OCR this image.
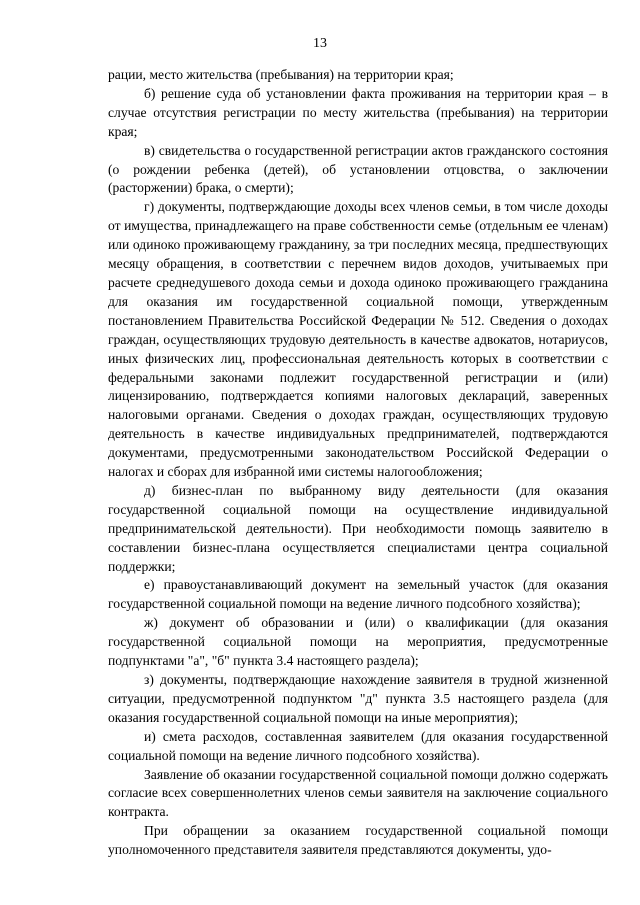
13

рации, место жительства (пребывания) на территории края;

б) решение суда об установлении факта проживания на территории края – в случае отсутствия регистрации по месту жительства (пребывания) на территории края;

в) свидетельства о государственной регистрации актов гражданского состояния (о рождении ребенка (детей), об установлении отцовства, о заключении (расторжении) брака, о смерти);

г) документы, подтверждающие доходы всех членов семьи, в том числе доходы от имущества, принадлежащего на праве собственности семье (отдельным ее членам) или одиноко проживающему гражданину, за три последних месяца, предшествующих месяцу обращения, в соответствии с перечнем видов доходов, учитываемых при расчете среднедушевого дохода семьи и дохода одиноко проживающего гражданина для оказания им государственной социальной помощи, утвержденным постановлением Правительства Российской Федерации № 512. Сведения о доходах граждан, осуществляющих трудовую деятельность в качестве адвокатов, нотариусов, иных физических лиц, профессиональная деятельность которых в соответствии с федеральными законами подлежит государственной регистрации и (или) лицензированию, подтверждается копиями налоговых деклараций, заверенных налоговыми органами. Сведения о доходах граждан, осуществляющих трудовую деятельность в качестве индивидуальных предпринимателей, подтверждаются документами, предусмотренными законодательством Российской Федерации о налогах и сборах для избранной ими системы налогообложения;

д) бизнес-план по выбранному виду деятельности (для оказания государственной социальной помощи на осуществление индивидуальной предпринимательской деятельности). При необходимости помощь заявителю в составлении бизнес-плана осуществляется специалистами центра социальной поддержки;

е) правоустанавливающий документ на земельный участок (для оказания государственной социальной помощи на ведение личного подсобного хозяйства);

ж) документ об образовании и (или) о квалификации (для оказания государственной социальной помощи на мероприятия, предусмотренные подпунктами "а", "б" пункта 3.4 настоящего раздела);

з) документы, подтверждающие нахождение заявителя в трудной жизненной ситуации, предусмотренной подпунктом "д" пункта 3.5 настоящего раздела (для оказания государственной социальной помощи на иные мероприятия);

и) смета расходов, составленная заявителем (для оказания государственной социальной помощи на ведение личного подсобного хозяйства).

Заявление об оказании государственной социальной помощи должно содержать согласие всех совершеннолетних членов семьи заявителя на заключение социального контракта.

При обращении за оказанием государственной социальной помощи уполномоченного представителя заявителя представляются документы, удо-
